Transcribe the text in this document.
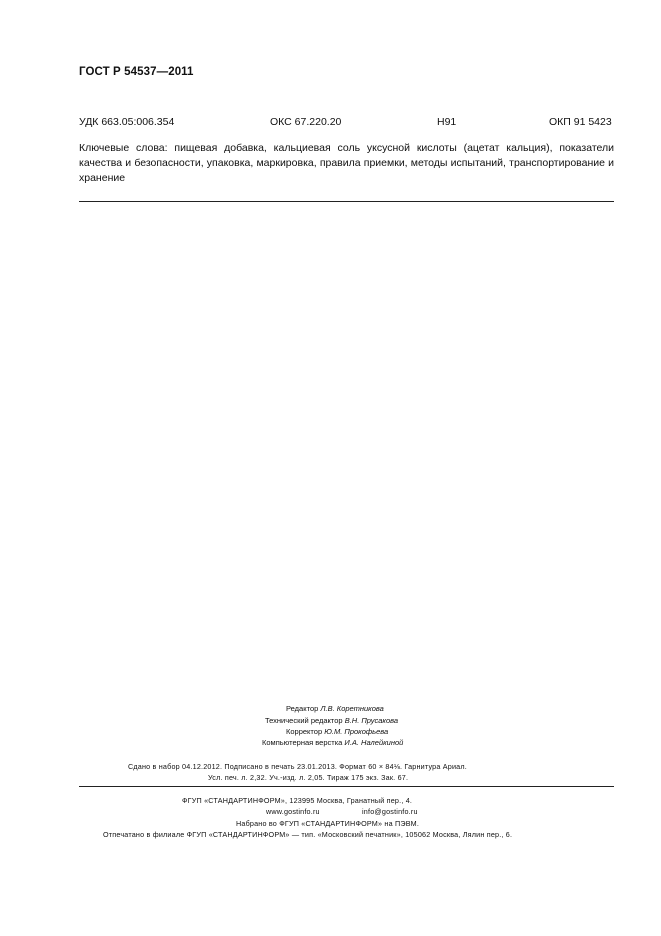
ГОСТ Р 54537—2011
УДК 663.05:006.354	ОКС 67.220.20	Н91	ОКП 91 5423

Ключевые слова: пищевая добавка, кальциевая соль уксусной кислоты (ацетат кальция), показатели качества и безопасности, упаковка, маркировка, правила приемки, методы испытаний, транспортирование и хранение

Редактор Л.В. Коретникова
Технический редактор В.Н. Прусакова
Корректор Ю.М. Прокофьева
Компьютерная верстка И.А. Налейкиной
Сдано в набор 04.12.2012. Подписано в печать 23.01.2013. Формат 60 × 84⅛. Гарнитура Ариал.
Усл. печ. л. 2,32. Уч.-изд. л. 2,05. Тираж 175 экз. Зак. 67.
ФГУП «СТАНДАРТИНФОРМ», 123995 Москва, Гранатный пер., 4.
www.gostinfo.ru	info@gostinfo.ru
Набрано во ФГУП «СТАНДАРТИНФОРМ» на ПЭВМ.
Отпечатано в филиале ФГУП «СТАНДАРТИНФОРМ» — тип. «Московский печатник», 105062 Москва, Лялин пер., 6.
